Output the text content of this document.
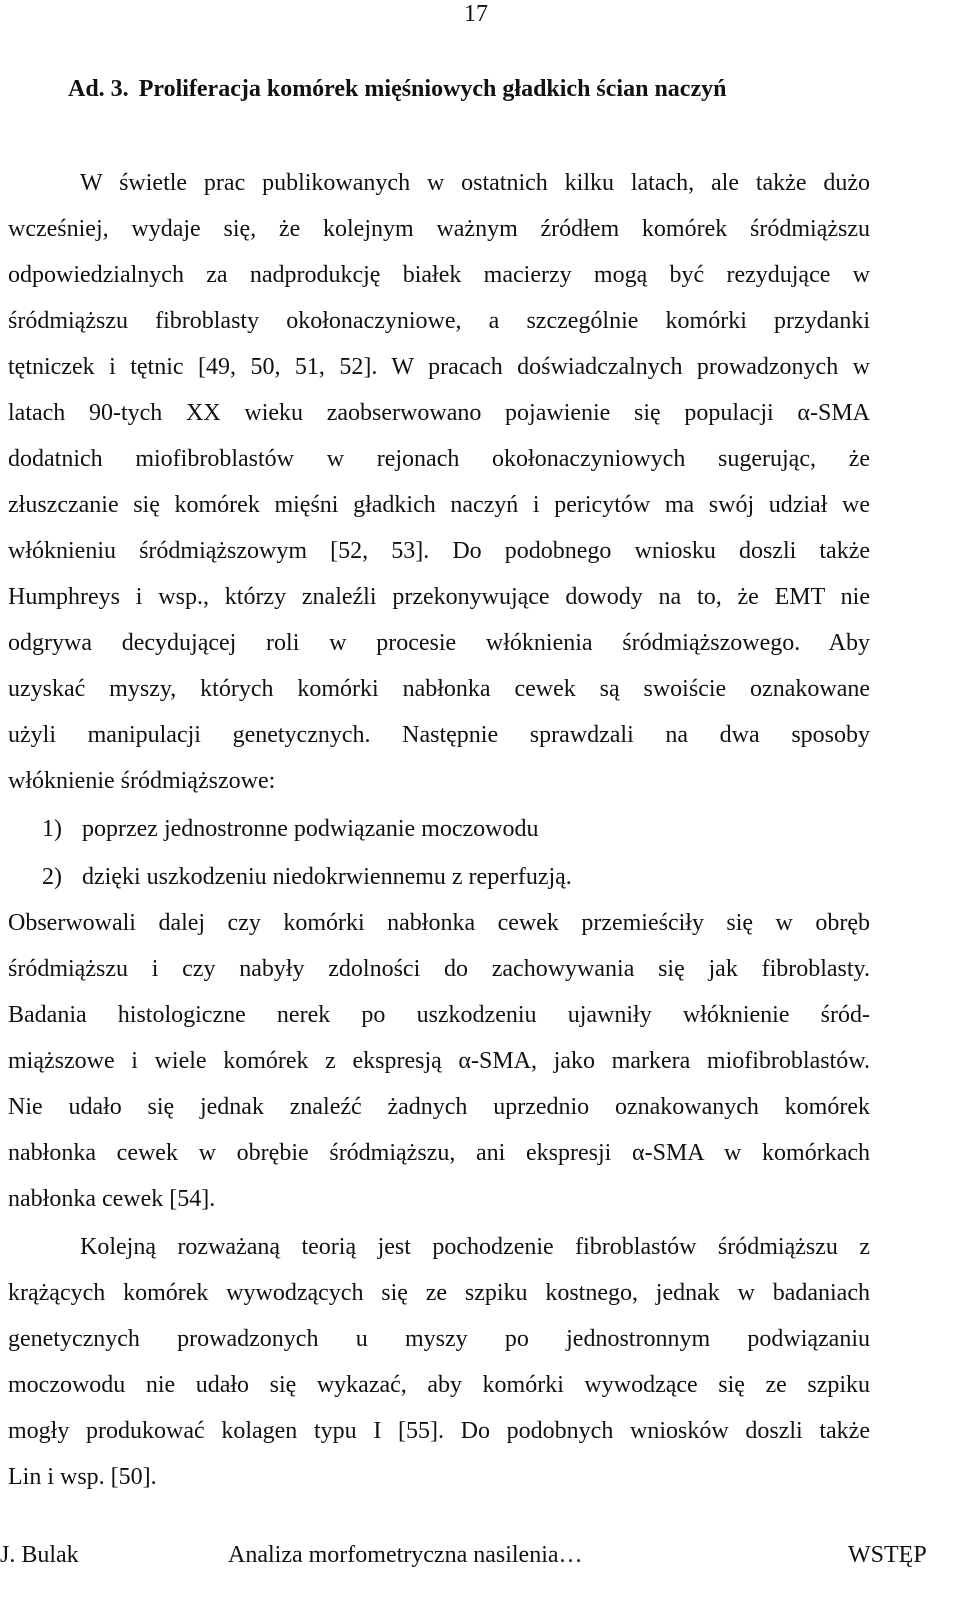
17
Ad. 3. Proliferacja komórek mięśniowych gładkich ścian naczyń
W świetle prac publikowanych w ostatnich kilku latach, ale także dużo
wcześniej, wydaje się, że kolejnym ważnym źródłem komórek śródmiąższu
odpowiedzialnych za nadprodukcję białek macierzy mogą być rezydujące w
śródmiąższu fibroblasty okołonaczyniowe, a szczególnie komórki przydanki
tętniczek i tętnic [49, 50, 51, 52]. W pracach doświadczalnych prowadzonych w
latach 90-tych XX wieku zaobserwowano pojawienie się populacji α-SMA
dodatnich miofibroblastów w rejonach okołonaczyniowych sugerując, że
złuszczanie się komórek mięśni gładkich naczyń i pericytów ma swój udział we
włóknieniu śródmiąższowym [52, 53]. Do podobnego wniosku doszli także
Humphreys i wsp., którzy znaleźli przekonywujące dowody na to, że EMT nie
odgrywa decydującej roli w procesie włóknienia śródmiąższowego. Aby
uzyskać myszy, których komórki nabłonka cewek są swoiście oznakowane
użyli manipulacji genetycznych. Następnie sprawdzali na dwa sposoby
włóknienie śródmiąższowe:
1) poprzez jednostronne podwiązanie moczowodu
2) dzięki uszkodzeniu niedokrwiennemu z reperfuzją.
Obserwowali dalej czy komórki nabłonka cewek przemieściły się w obręb
śródmiąższu i czy nabyły zdolności do zachowywania się jak fibroblasty.
Badania histologiczne nerek po uszkodzeniu ujawniły włóknienie śród-
miąższowe i wiele komórek z ekspresją α-SMA, jako markera miofibroblastów.
Nie udało się jednak znaleźć żadnych uprzednio oznakowanych komórek
nabłonka cewek w obrębie śródmiąższu, ani ekspresji α-SMA w komórkach
nabłonka cewek [54].
Kolejną rozważaną teorią jest pochodzenie fibroblastów śródmiąższu z
krążących komórek wywodzących się ze szpiku kostnego, jednak w badaniach
genetycznych prowadzonych u myszy po jednostronnym podwiązaniu
moczowodu nie udało się wykazać, aby komórki wywodzące się ze szpiku
mogły produkować kolagen typu I [55]. Do podobnych wniosków doszli także
Lin i wsp. [50].
J. Bulak	Analiza morfometryczna nasilenia…	WSTĘP
